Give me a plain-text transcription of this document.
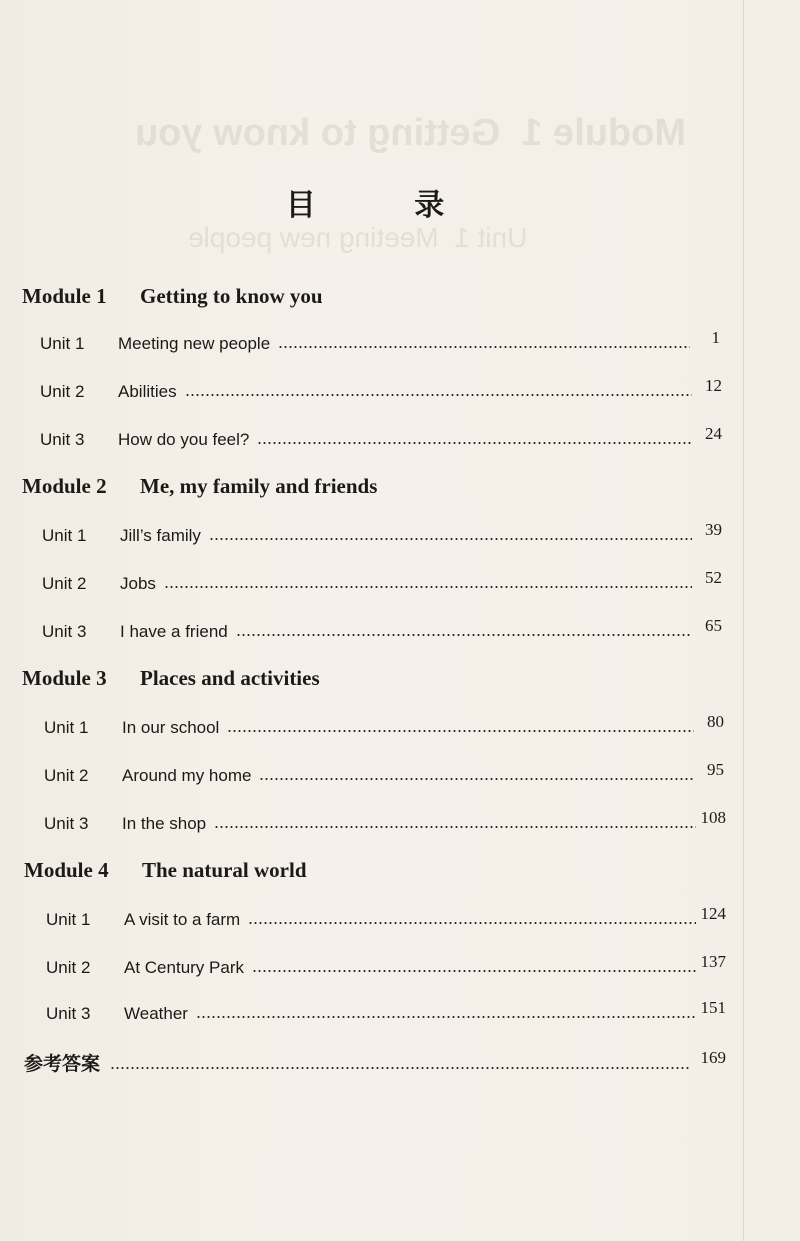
Module 1  Getting to know you
Unit 1  Meeting new people
目 录
Module 1 Getting to know you
Unit 1	Meeting new people	1
Unit 2	Abilities	12
Unit 3	How do you feel?	24
Module 2 Me, my family and friends
Unit 1	Jill’s family	39
Unit 2	Jobs	52
Unit 3	I have a friend	65
Module 3 Places and activities
Unit 1	In our school	80
Unit 2	Around my home	95
Unit 3	In the shop	108
Module 4 The natural world
Unit 1	A visit to a farm	124
Unit 2	At Century Park	137
Unit 3	Weather	151
参考答案	169
